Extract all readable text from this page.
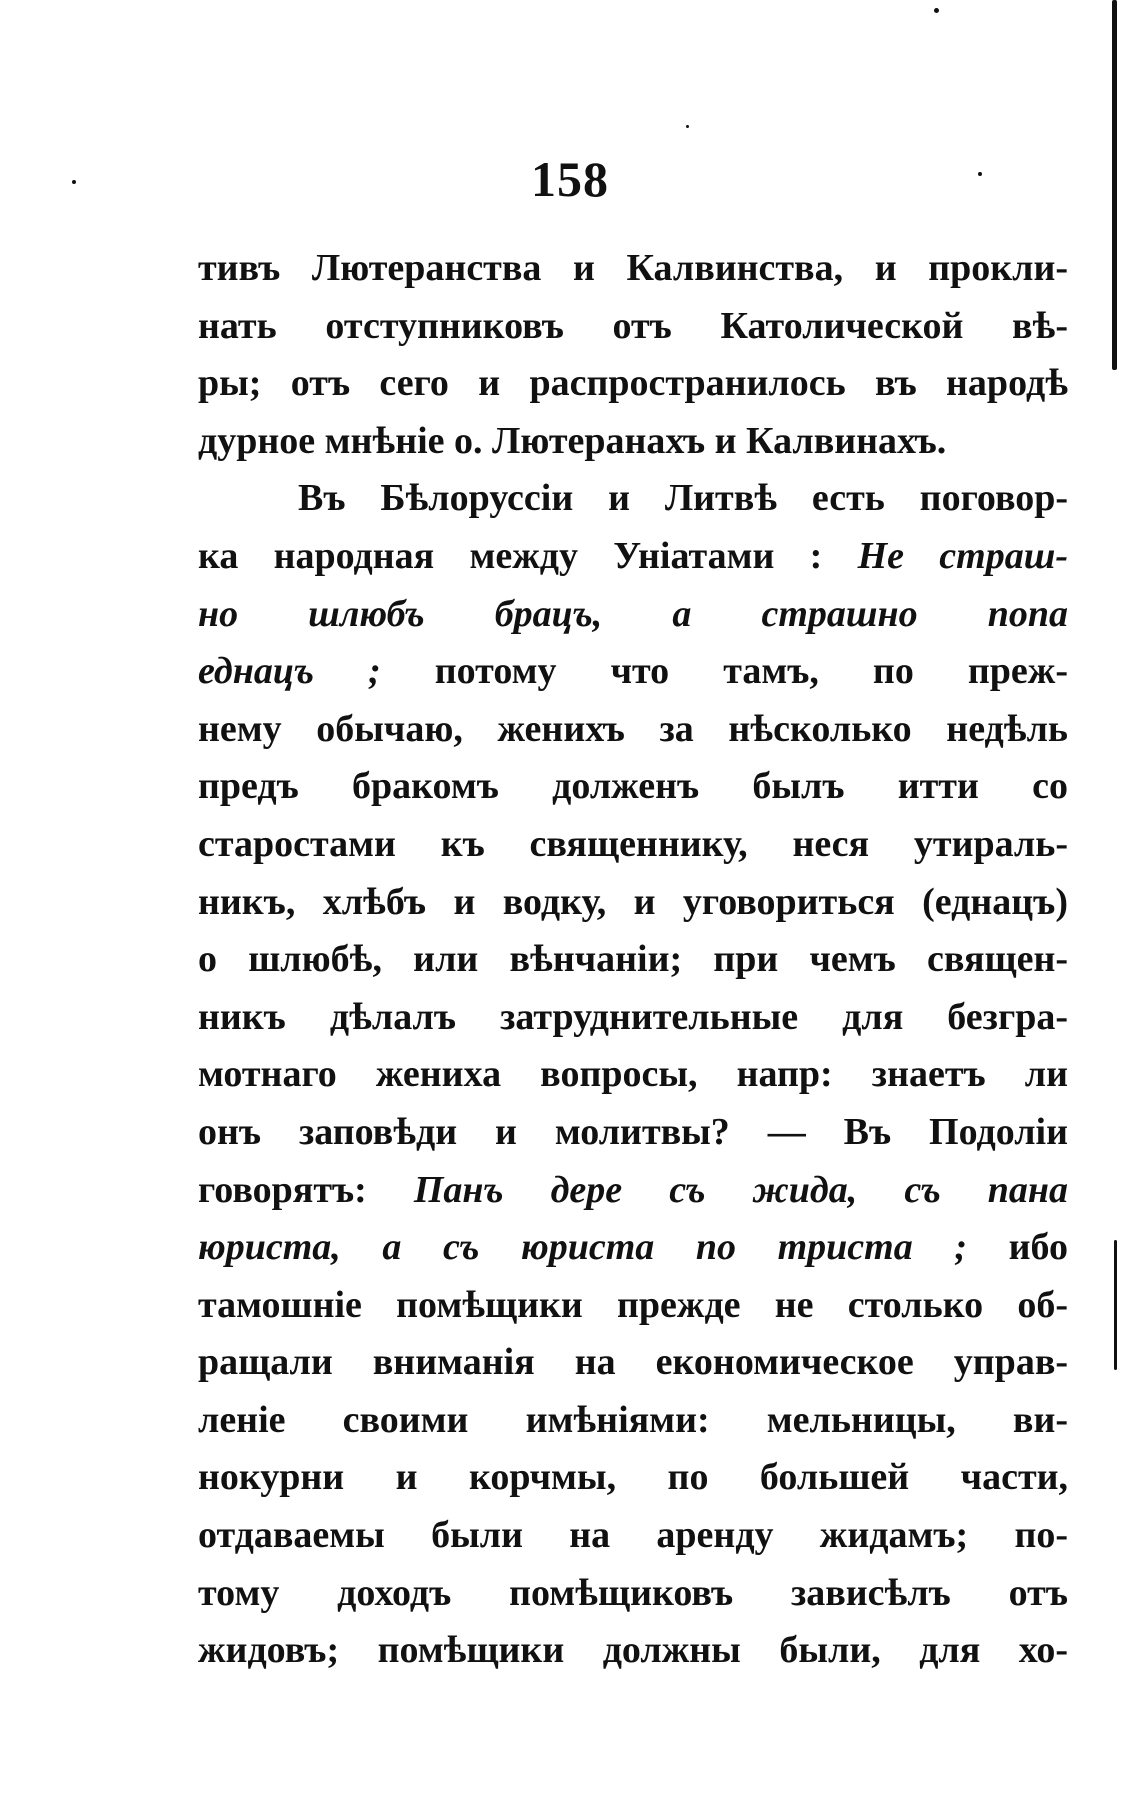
158
тивъ Лютеранства и Калвинства, и прокли-
нать отступниковъ отъ Католической вѣ-
ры; отъ сего и распространилось въ народѣ
дурное мнѣніе о. Лютеранахъ и Калвинахъ.
Въ Бѣлоруссіи и Литвѣ есть поговор-
ка народная между Уніатами : Не страш-
но шлюбъ брацъ, а страшно попа
еднацъ ; потому что тамъ, по преж-
нему обычаю, женихъ за нѣсколько недѣль
предъ бракомъ долженъ былъ итти со
старостами къ священнику, неся утираль-
никъ, хлѣбъ и водку, и уговориться (еднацъ)
о шлюбѣ, или вѣнчаніи; при чемъ священ-
никъ дѣлалъ затруднительные для безгра-
мотнаго жениха вопросы, напр: знаетъ ли
онъ заповѣди и молитвы? — Въ Подоліи
говорятъ: Панъ дере съ жида, съ пана
юриста, а съ юриста по триста ; ибо
тамошніе помѣщики прежде не столько об-
ращали вниманія на економическое управ-
леніе своими имѣніями: мельницы, ви-
нокурни и корчмы, по большей части,
отдаваемы были на аренду жидамъ; по-
тому доходъ помѣщиковъ зависѣлъ отъ
жидовъ; помѣщики должны были, для хо-
